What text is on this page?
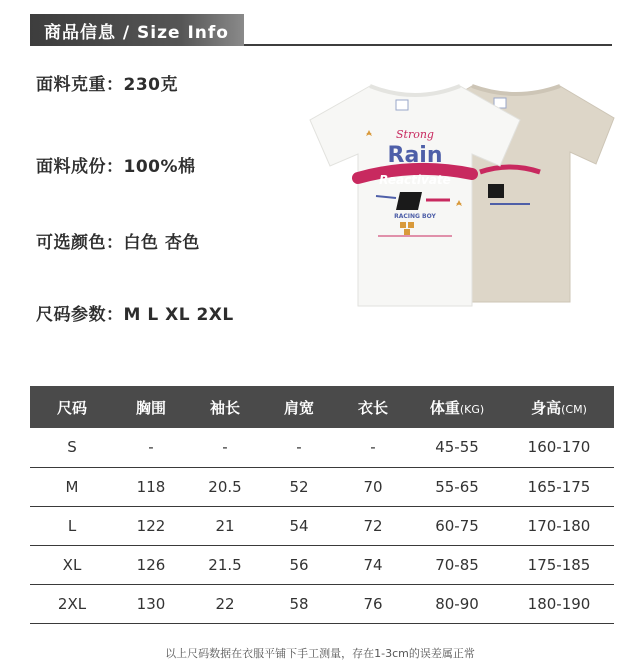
商品信息 / Size Info
面料克重：230克
面料成份：100%棉
可选颜色：白色 杏色
尺码参数：M L XL 2XL
Strong
Rain
Reactivate
RACING BOY
尺码	胸围	袖长	肩宽	衣长	体重(KG)	身高(CM)
S	-	-	-	-	45-55	160-170
M	118	20.5	52	70	55-65	165-175
L	122	21	54	72	60-75	170-180
XL	126	21.5	56	74	70-85	175-185
2XL	130	22	58	76	80-90	180-190
以上尺码数据在衣服平铺下手工测量，存在1-3cm的误差属正常
